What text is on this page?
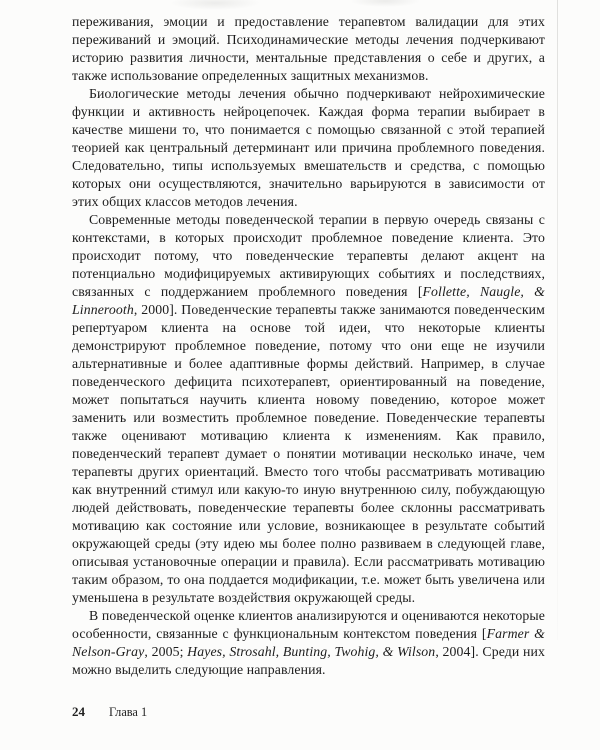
переживания, эмоции и предоставление терапевтом валидации для этих переживаний и эмоций. Психодинамические методы лечения подчеркивают историю развития личности, ментальные представления о себе и других, а также использование определенных защитных механизмов.

Биологические методы лечения обычно подчеркивают нейрохимические функции и активность нейроцепочек. Каждая форма терапии выбирает в качестве мишени то, что понимается с помощью связанной с этой терапией теорией как центральный детерминант или причина проблемного поведения. Следовательно, типы используемых вмешательств и средства, с помощью которых они осуществляются, значительно варьируются в зависимости от этих общих классов методов лечения.

Современные методы поведенческой терапии в первую очередь связаны с контекстами, в которых происходит проблемное поведение клиента. Это происходит потому, что поведенческие терапевты делают акцент на потенциально модифицируемых активирующих событиях и последствиях, связанных с поддержанием проблемного поведения [Follette, Naugle, & Linnerooth, 2000]. Поведенческие терапевты также занимаются поведенческим репертуаром клиента на основе той идеи, что некоторые клиенты демонстрируют проблемное поведение, потому что они еще не изучили альтернативные и более адаптивные формы действий. Например, в случае поведенческого дефицита психотерапевт, ориентированный на поведение, может попытаться научить клиента новому поведению, которое может заменить или возместить проблемное поведение. Поведенческие терапевты также оценивают мотивацию клиента к изменениям. Как правило, поведенческий терапевт думает о понятии мотивации несколько иначе, чем терапевты других ориентаций. Вместо того чтобы рассматривать мотивацию как внутренний стимул или какую-то иную внутреннюю силу, побуждающую людей действовать, поведенческие терапевты более склонны рассматривать мотивацию как состояние или условие, возникающее в результате событий окружающей среды (эту идею мы более полно развиваем в следующей главе, описывая установочные операции и правила). Если рассматривать мотивацию таким образом, то она поддается модификации, т.е. может быть увеличена или уменьшена в результате воздействия окружающей среды.

В поведенческой оценке клиентов анализируются и оцениваются некоторые особенности, связанные с функциональным контекстом поведения [Farmer & Nelson-Gray, 2005; Hayes, Strosahl, Bunting, Twohig, & Wilson, 2004]. Среди них можно выделить следующие направления.

24 Глава 1
